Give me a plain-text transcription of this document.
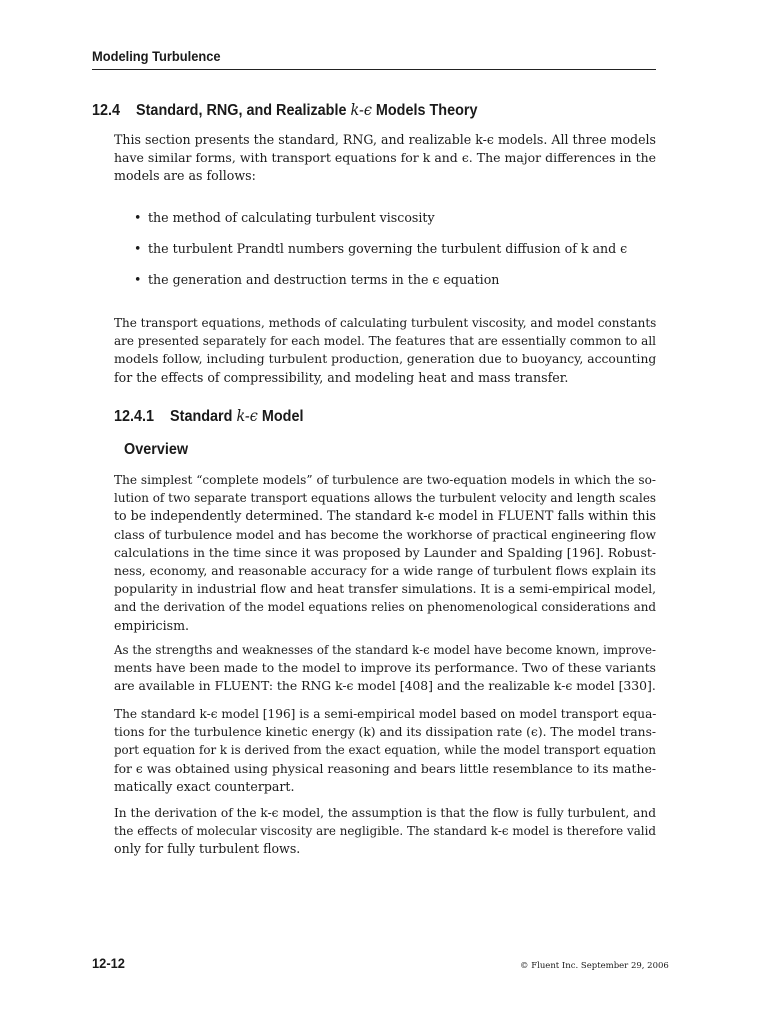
Modeling Turbulence
12.4 Standard, RNG, and Realizable k-ϵ Models Theory
This section presents the standard, RNG, and realizable k-ϵ models. All three models
have similar forms, with transport equations for k and ϵ. The major differences in the
models are as follows:
• the method of calculating turbulent viscosity
• the turbulent Prandtl numbers governing the turbulent diffusion of k and ϵ
• the generation and destruction terms in the ϵ equation
The transport equations, methods of calculating turbulent viscosity, and model constants
are presented separately for each model. The features that are essentially common to all
models follow, including turbulent production, generation due to buoyancy, accounting
for the effects of compressibility, and modeling heat and mass transfer.
12.4.1 Standard k-ϵ Model
Overview
The simplest “complete models” of turbulence are two-equation models in which the so-
lution of two separate transport equations allows the turbulent velocity and length scales
to be independently determined. The standard k-ϵ model in FLUENT falls within this
class of turbulence model and has become the workhorse of practical engineering flow
calculations in the time since it was proposed by Launder and Spalding [196]. Robust-
ness, economy, and reasonable accuracy for a wide range of turbulent flows explain its
popularity in industrial flow and heat transfer simulations. It is a semi-empirical model,
and the derivation of the model equations relies on phenomenological considerations and
empiricism.
As the strengths and weaknesses of the standard k-ϵ model have become known, improve-
ments have been made to the model to improve its performance. Two of these variants
are available in FLUENT: the RNG k-ϵ model [408] and the realizable k-ϵ model [330].
The standard k-ϵ model [196] is a semi-empirical model based on model transport equa-
tions for the turbulence kinetic energy (k) and its dissipation rate (ϵ). The model trans-
port equation for k is derived from the exact equation, while the model transport equation
for ϵ was obtained using physical reasoning and bears little resemblance to its mathe-
matically exact counterpart.
In the derivation of the k-ϵ model, the assumption is that the flow is fully turbulent, and
the effects of molecular viscosity are negligible. The standard k-ϵ model is therefore valid
only for fully turbulent flows.
12-12	© Fluent Inc. September 29, 2006
